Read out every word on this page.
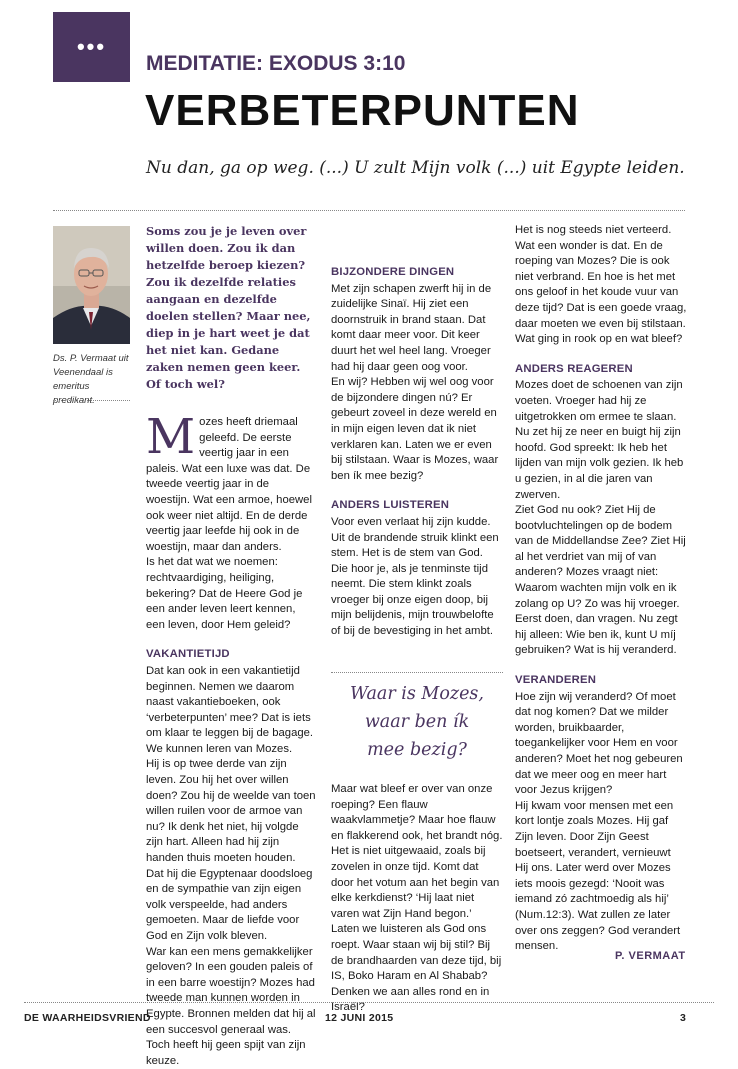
•••
MEDITATIE: EXODUS 3:10
VERBETERPUNTEN
Nu dan, ga op weg. (...) U zult Mijn volk (...) uit Egypte leiden.
Ds. P. Vermaat uit Veenendaal is emeritus predikant.

Soms zou je je leven over willen doen. Zou ik dan hetzelfde beroep kiezen? Zou ik dezelfde relaties aangaan en dezelfde doelen stellen? Maar nee, diep in je hart weet je dat het niet kan. Gedane zaken nemen geen keer. Of toch wel?

Mozes heeft driemaal geleefd. De eerste veertig jaar in een paleis. Wat een luxe was dat. De tweede veertig jaar in de woestijn. Wat een armoe, hoewel ook weer niet altijd. En de derde veertig jaar leefde hij ook in de woestijn, maar dan anders.

Is het dat wat we noemen: rechtvaardiging, heiliging, bekering? Dat de Heere God je een ander leven leert kennen, een leven, door Hem geleid?

VAKANTIETIJD

Dat kan ook in een vakantietijd beginnen. Nemen we daarom naast vakantieboeken, ook ‘verbeterpunten’ mee? Dat is iets om klaar te leggen bij de bagage. We kunnen leren van Mozes.

Hij is op twee derde van zijn leven. Zou hij het over willen doen? Zou hij de weelde van toen willen ruilen voor de armoe van nu? Ik denk het niet, hij volgde zijn hart. Alleen had hij zijn handen thuis moeten houden. Dat hij die Egyptenaar doodsloeg en de sympathie van zijn eigen volk verspeelde, had anders gemoeten. Maar de liefde voor God en Zijn volk bleven.

War kan een mens gemakkelijker geloven? In een gouden paleis of in een barre woestijn? Mozes had tweede man kunnen worden in Egypte. Bronnen melden dat hij al een succesvol generaal was. Toch heeft hij geen spijt van zijn keuze.

BIJZONDERE DINGEN

Met zijn schapen zwerft hij in de zuidelijke Sinaï. Hij ziet een doornstruik in brand staan. Dat komt daar meer voor. Dit keer duurt het wel heel lang. Vroeger had hij daar geen oog voor.

En wij? Hebben wij wel oog voor de bijzondere dingen nú? Er gebeurt zoveel in deze wereld en in mijn eigen leven dat ik niet verklaren kan. Laten we er even bij stilstaan. Waar is Mozes, waar ben ík mee bezig?

ANDERS LUISTEREN

Voor even verlaat hij zijn kudde. Uit de brandende struik klinkt een stem. Het is de stem van God. Die hoor je, als je tenminste tijd neemt. Die stem klinkt zoals vroeger bij onze eigen doop, bij mijn belijdenis, mijn trouwbelofte of bij de bevestiging in het ambt.

Waar is Mozes,
waar ben ík
mee bezig?

Maar wat bleef er over van onze roeping? Een flauw waakvlammetje? Maar hoe flauw en flakkerend ook, het brandt nóg. Het is niet uitgewaaid, zoals bij zovelen in onze tijd. Komt dat door het votum aan het begin van elke kerkdienst? ‘Hij laat niet varen wat Zijn Hand begon.’

Laten we luisteren als God ons roept. Waar staan wij bij stil? Bij de brandhaarden van deze tijd, bij IS, Boko Haram en Al Shabab? Denken we aan alles rond en in Israël?

Het is nog steeds niet verteerd. Wat een wonder is dat. En de roeping van Mozes? Die is ook niet verbrand. En hoe is het met ons geloof in het koude vuur van deze tijd? Dat is een goede vraag, daar moeten we even bij stilstaan. Wat ging in rook op en wat bleef?

ANDERS REAGEREN

Mozes doet de schoenen van zijn voeten. Vroeger had hij ze uitgetrokken om ermee te slaan. Nu zet hij ze neer en buigt hij zijn hoofd. God spreekt: Ik heb het lijden van mijn volk gezien. Ik heb u gezien, in al die jaren van zwerven.

Ziet God nu ook? Ziet Hij de bootvluchtelingen op de bodem van de Middellandse Zee? Ziet Hij al het verdriet van mij of van anderen? Mozes vraagt niet: Waarom wachten mijn volk en ik zolang op U? Zo was hij vroeger. Eerst doen, dan vragen. Nu zegt hij alleen: Wie ben ik, kunt U míj gebruiken? Wat is hij veranderd.

VERANDEREN

Hoe zijn wij veranderd? Of moet dat nog komen? Dat we milder worden, bruikbaarder, toegankelijker voor Hem en voor anderen? Moet het nog gebeuren dat we meer oog en meer hart voor Jezus krijgen?

Hij kwam voor mensen met een kort lontje zoals Mozes. Hij gaf Zijn leven. Door Zijn Geest boetseert, verandert, vernieuwt Hij ons. Later werd over Mozes iets moois gezegd: ‘Nooit was iemand zó zachtmoedig als hij’ (Num.12:3). Wat zullen ze later over ons zeggen? God verandert mensen.

P. VERMAAT
DE WAARHEIDSVRIEND	12 JUNI 2015	3
